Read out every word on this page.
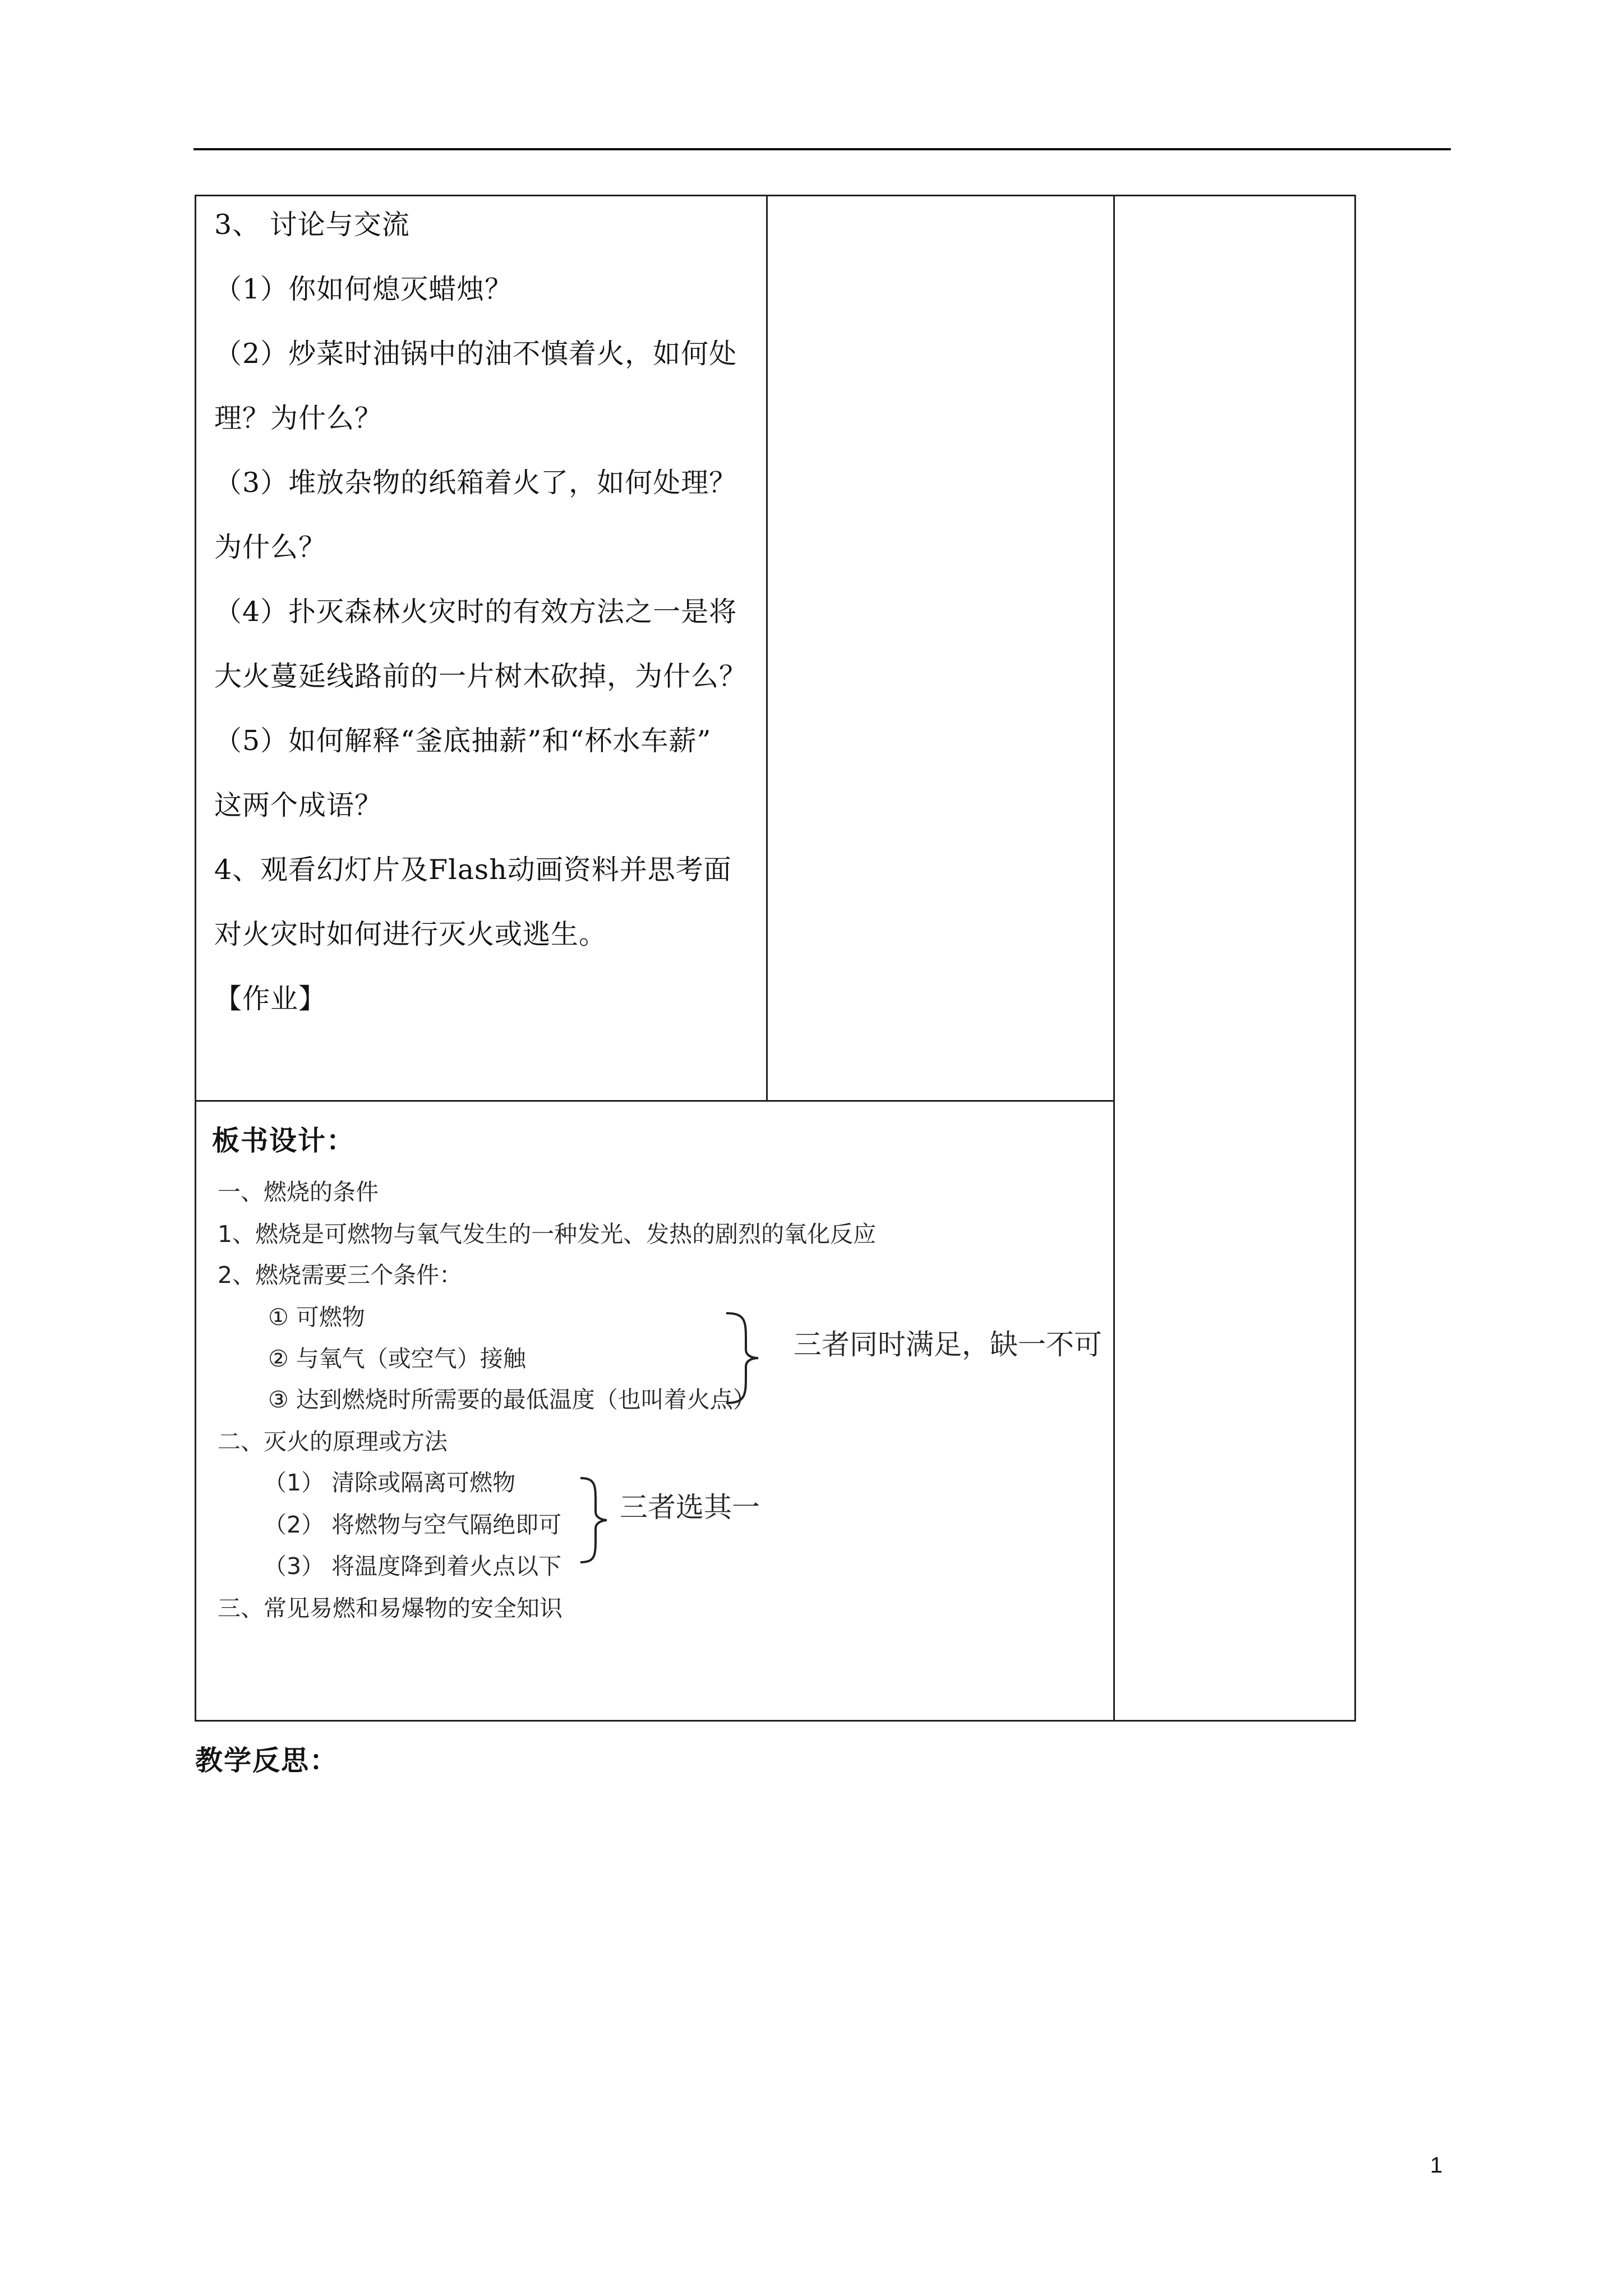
3、 讨论与交流
（1）你如何熄灭蜡烛？
（2）炒菜时油锅中的油不慎着火，如何处
理？为什么？
（3）堆放杂物的纸箱着火了，如何处理？
为什么？
（4）扑灭森林火灾时的有效方法之一是将
大火蔓延线路前的一片树木砍掉，为什么？
（5）如何解释“釜底抽薪”和“杯水车薪”
这两个成语？
4、观看幻灯片及Flash动画资料并思考面
对火灾时如何进行灭火或逃生。
【作业】
板书设计：
一、燃烧的条件
1、燃烧是可燃物与氧气发生的一种发光、发热的剧烈的氧化反应
2、燃烧需要三个条件：
① 可燃物
② 与氧气（或空气）接触
③ 达到燃烧时所需要的最低温度（也叫着火点）
三者同时满足，缺一不可
二、灭火的原理或方法
（1） 清除或隔离可燃物
（2） 将燃物与空气隔绝即可
（3） 将温度降到着火点以下
三者选其一
三、常见易燃和易爆物的安全知识
教学反思：
1
